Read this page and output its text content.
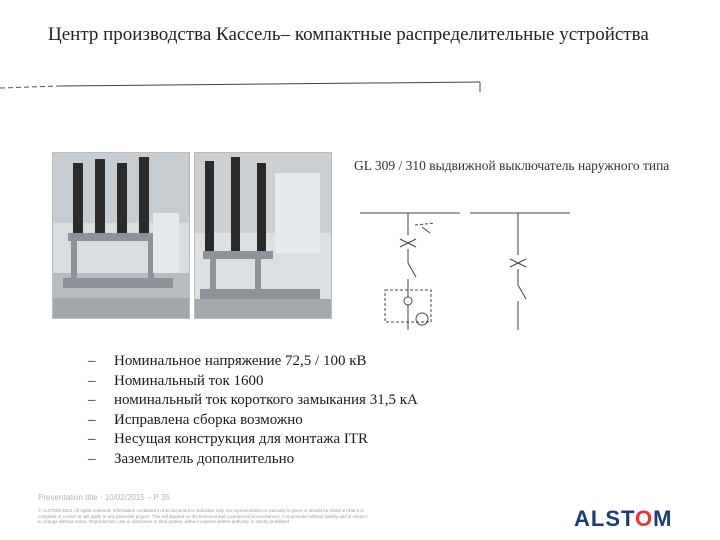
Центр производства Кассель– компактные распределительные устройства
GL 309 / 310 выдвижной выключатель наружного типа
– Номинальное напряжение 72,5 / 100 кВ
– Номинальный ток 1600
– номинальный ток короткого замыкания 31,5 кА
– Исправлена сборка возможно
– Несущая конструкция для монтажа ITR
– Заземлитель дополнительно
Presentation title - 10/02/2015 – P 35
© ALSTOM 2013. All rights reserved. Information contained in this document is indicative only. No representation or warranty is given or should be relied on that it is complete or correct or will apply to any particular project. This will depend on the technical and commercial circumstances. It is provided without liability and is subject to change without notice. Reproduction, use or disclosure to third parties, without express written authority, is strictly prohibited.	ALSTOM
